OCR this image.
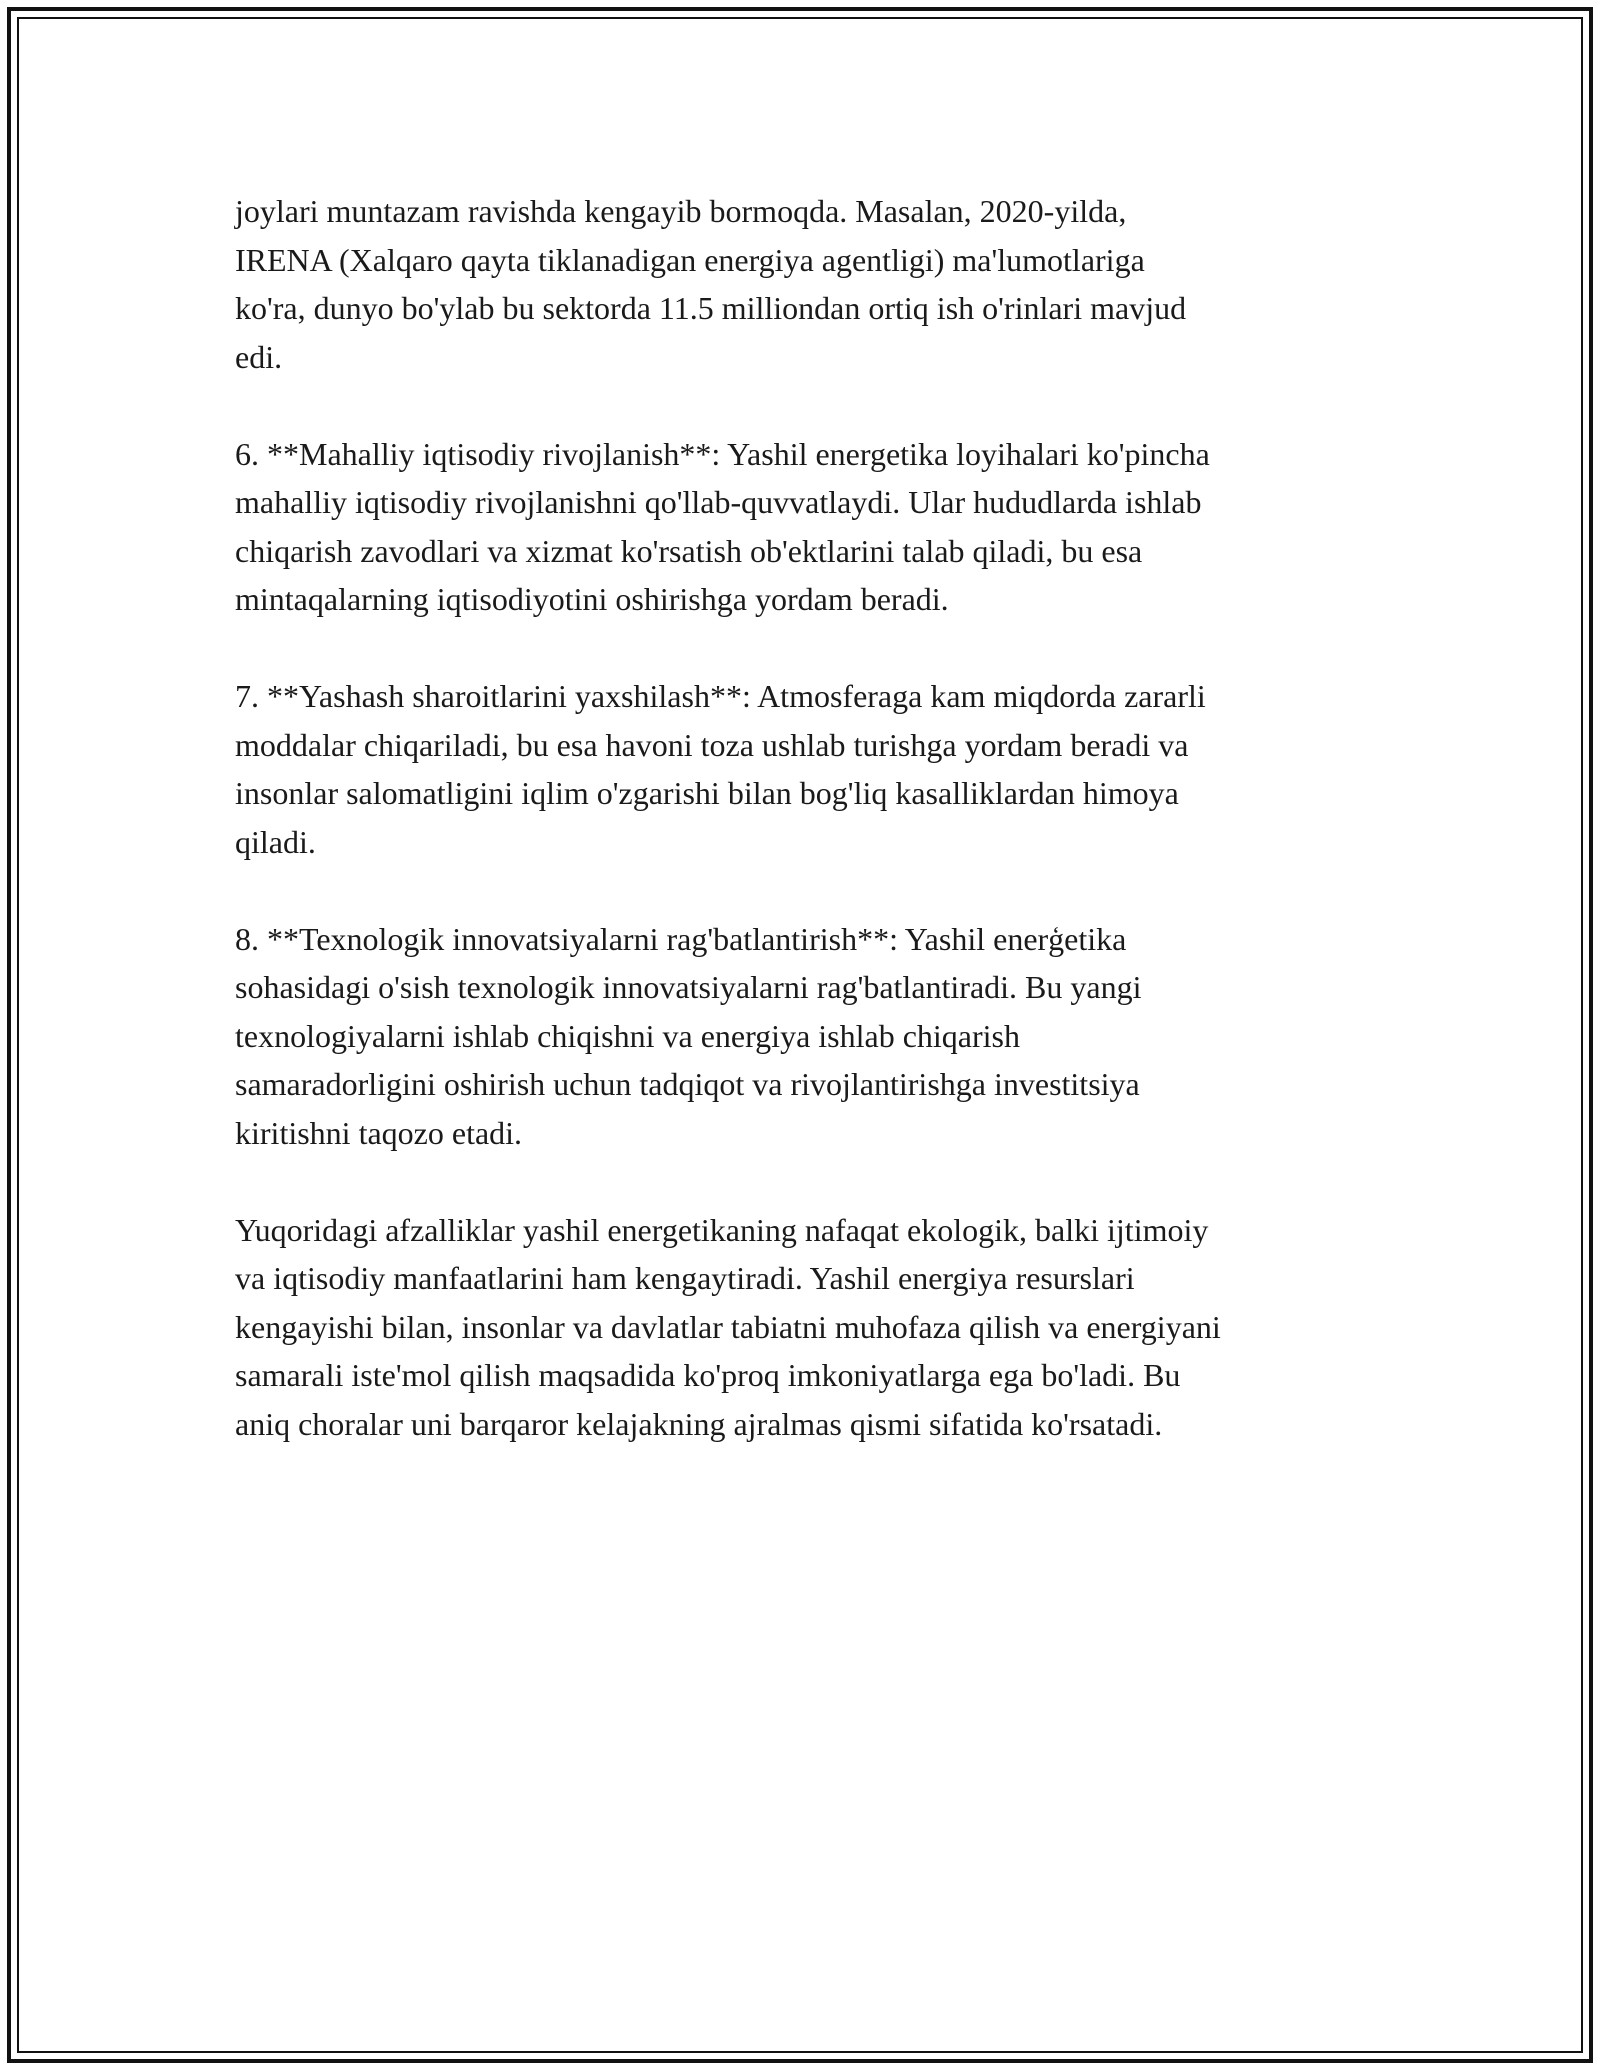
joylari muntazam ravishda kengayib bormoqda. Masalan, 2020-yilda,
IRENA (Xalqaro qayta tiklanadigan energiya agentligi) ma'lumotlariga
ko'ra, dunyo bo'ylab bu sektorda 11.5 milliondan ortiq ish o'rinlari mavjud
edi.

6. **Mahalliy iqtisodiy rivojlanish**: Yashil energetika loyihalari ko'pincha
mahalliy iqtisodiy rivojlanishni qo'llab-quvvatlaydi. Ular hududlarda ishlab
chiqarish zavodlari va xizmat ko'rsatish ob'ektlarini talab qiladi, bu esa
mintaqalarning iqtisodiyotini oshirishga yordam beradi.

7. **Yashash sharoitlarini yaxshilash**: Atmosferaga kam miqdorda zararli
moddalar chiqariladi, bu esa havoni toza ushlab turishga yordam beradi va
insonlar salomatligini iqlim o'zgarishi bilan bog'liq kasalliklardan himoya
qiladi.

8. **Texnologik innovatsiyalarni rag'batlantirish**: Yashil enerģetika
sohasidagi o'sish texnologik innovatsiyalarni rag'batlantiradi. Bu yangi
texnologiyalarni ishlab chiqishni va energiya ishlab chiqarish
samaradorligini oshirish uchun tadqiqot va rivojlantirishga investitsiya
kiritishni taqozo etadi.

Yuqoridagi afzalliklar yashil energetikaning nafaqat ekologik, balki ijtimoiy
va iqtisodiy manfaatlarini ham kengaytiradi. Yashil energiya resurslari
kengayishi bilan, insonlar va davlatlar tabiatni muhofaza qilish va energiyani
samarali iste'mol qilish maqsadida ko'proq imkoniyatlarga ega bo'ladi. Bu
aniq choralar uni barqaror kelajakning ajralmas qismi sifatida ko'rsatadi.
